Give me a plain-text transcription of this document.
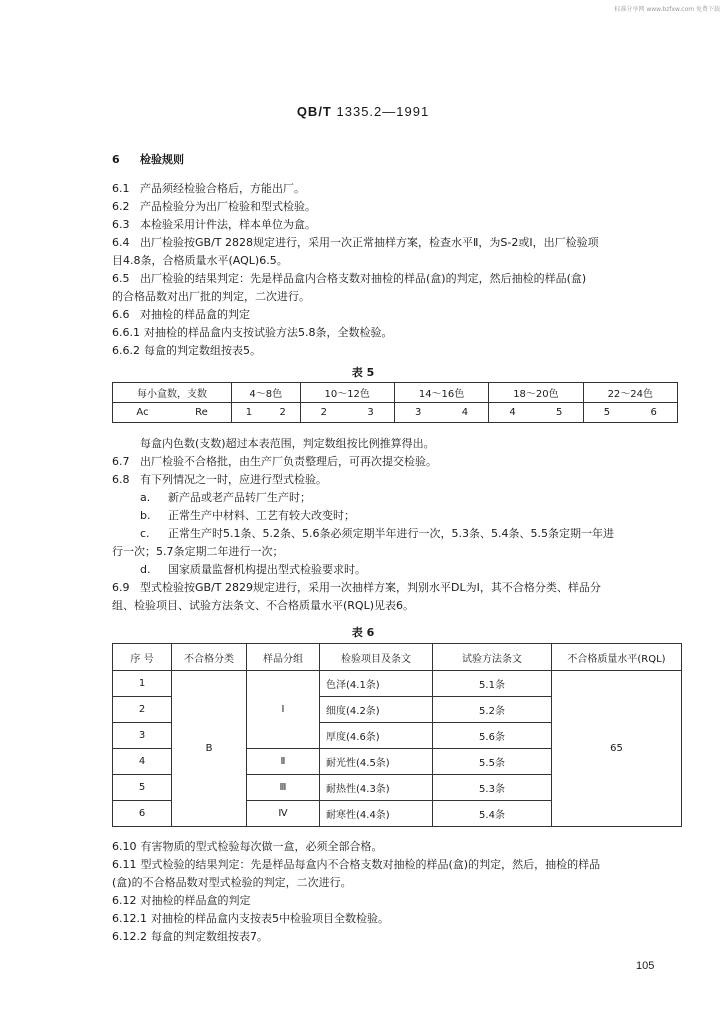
标准分享网 www.bzfxw.com 免费下载
QB/T 1335.2—1991
6 检验规则
6.1 产品须经检验合格后，方能出厂。
6.2 产品检验分为出厂检验和型式检验。
6.3 本检验采用计件法，样本单位为盒。
6.4 出厂检验按GB/T 2828规定进行，采用一次正常抽样方案，检查水平Ⅱ，为S-2或Ⅰ，出厂检验项
目4.8条，合格质量水平(AQL)6.5。
6.5 出厂检验的结果判定：先是样品盒内合格支数对抽检的样品(盒)的判定，然后抽检的样品(盒)
的合格品数对出厂批的判定，二次进行。
6.6 对抽检的样品盒的判定
6.6.1 对抽检的样品盒内支按试验方法5.8条，全数检验。
6.6.2 每盒的判定数组按表5。
表 5
每小盒数，支数	4～8色	10～12色	14～16色	18～20色	22～24色
Ac Re	1 2	2 3	3 4	4 5	5 6
每盒内色数(支数)超过本表范围，判定数组按比例推算得出。
6.7 出厂检验不合格批，由生产厂负责整理后，可再次提交检验。
6.8 有下列情况之一时，应进行型式检验。
a. 新产品或老产品转厂生产时；
b. 正常生产中材料、工艺有较大改变时；
c. 正常生产时5.1条、5.2条、5.6条必须定期半年进行一次，5.3条、5.4条、5.5条定期一年进
行一次；5.7条定期二年进行一次；
d. 国家质量监督机构提出型式检验要求时。
6.9 型式检验按GB/T 2829规定进行，采用一次抽样方案，判别水平DL为Ⅰ，其不合格分类、样品分
组、检验项目、试验方法条文、不合格质量水平(RQL)见表6。
表 6
序 号	不合格分类	样品分组	检验项目及条文	试验方法条文	不合格质量水平(RQL)
1	B	Ⅰ	色泽(4.1条)	5.1条	65
2			细度(4.2条)	5.2条	
3			厚度(4.6条)	5.6条	
4		Ⅱ	耐光性(4.5条)	5.5条	
5		Ⅲ	耐热性(4.3条)	5.3条	
6		Ⅳ	耐寒性(4.4条)	5.4条	
6.10 有害物质的型式检验每次做一盒，必须全部合格。
6.11 型式检验的结果判定：先是样品每盒内不合格支数对抽检的样品(盒)的判定，然后，抽检的样品
(盒)的不合格品数对型式检验的判定，二次进行。
6.12 对抽检的样品盒的判定
6.12.1 对抽检的样品盒内支按表5中检验项目全数检验。
6.12.2 每盒的判定数组按表7。
105
